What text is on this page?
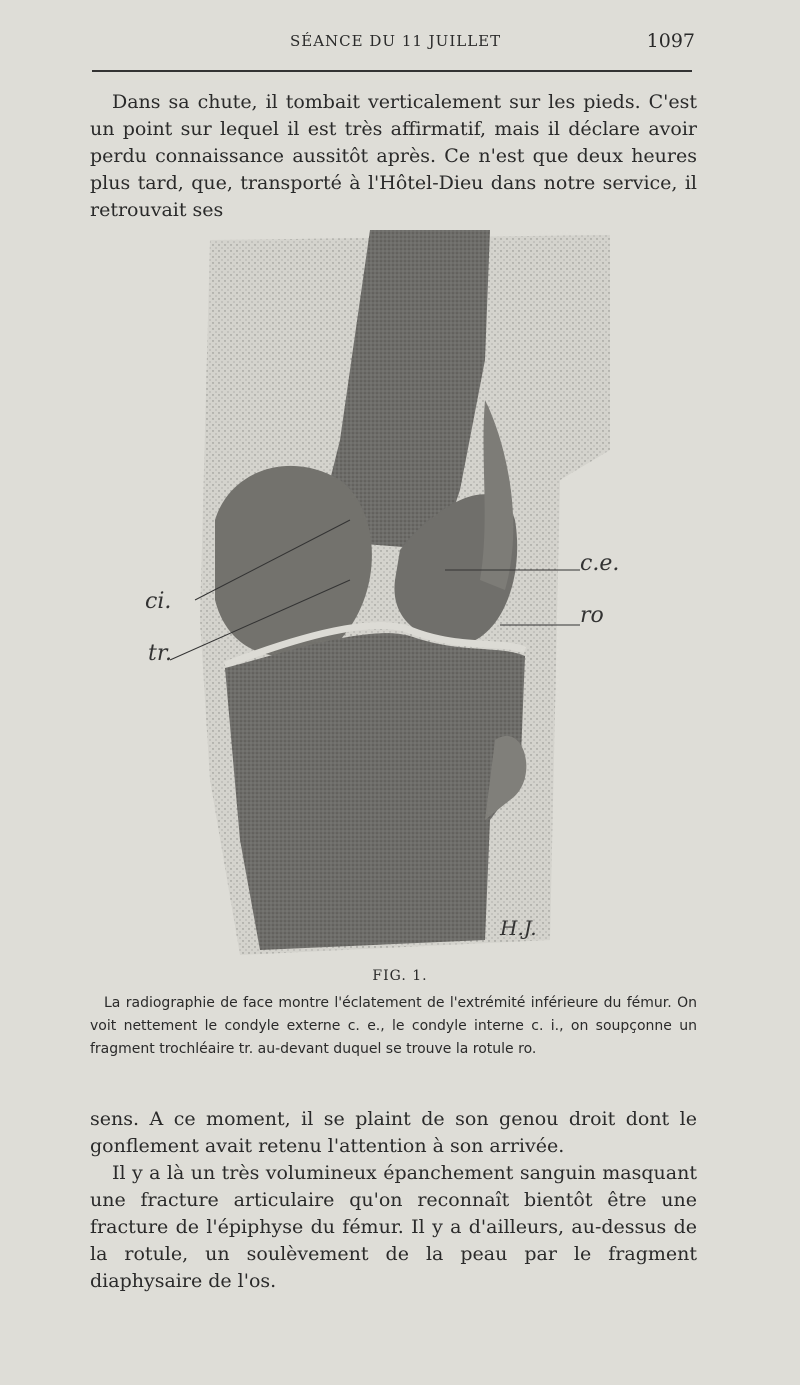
SÉANCE DU 11 JUILLET	1097

Dans sa chute, il tombait verticalement sur les pieds. C'est un point sur lequel il est très affirmatif, mais il déclare avoir perdu connaissance aussitôt après. Ce n'est que deux heures plus tard, que, transporté à l'Hôtel-Dieu dans notre service, il retrouvait ses

c.e.
ro
ci.
tr.
H.J.
FIG. 1.

La radiographie de face montre l'éclatement de l'extrémité inférieure du fémur. On voit nettement le condyle externe c. e., le condyle interne c. i., on soupçonne un fragment trochléaire tr. au-devant duquel se trouve la rotule ro.

sens. A ce moment, il se plaint de son genou droit dont le gonflement avait retenu l'attention à son arrivée.

Il y a là un très volumineux épanchement sanguin masquant une fracture articulaire qu'on reconnaît bientôt être une fracture de l'épiphyse du fémur. Il y a d'ailleurs, au-dessus de la rotule, un soulèvement de la peau par le fragment diaphysaire de l'os.
